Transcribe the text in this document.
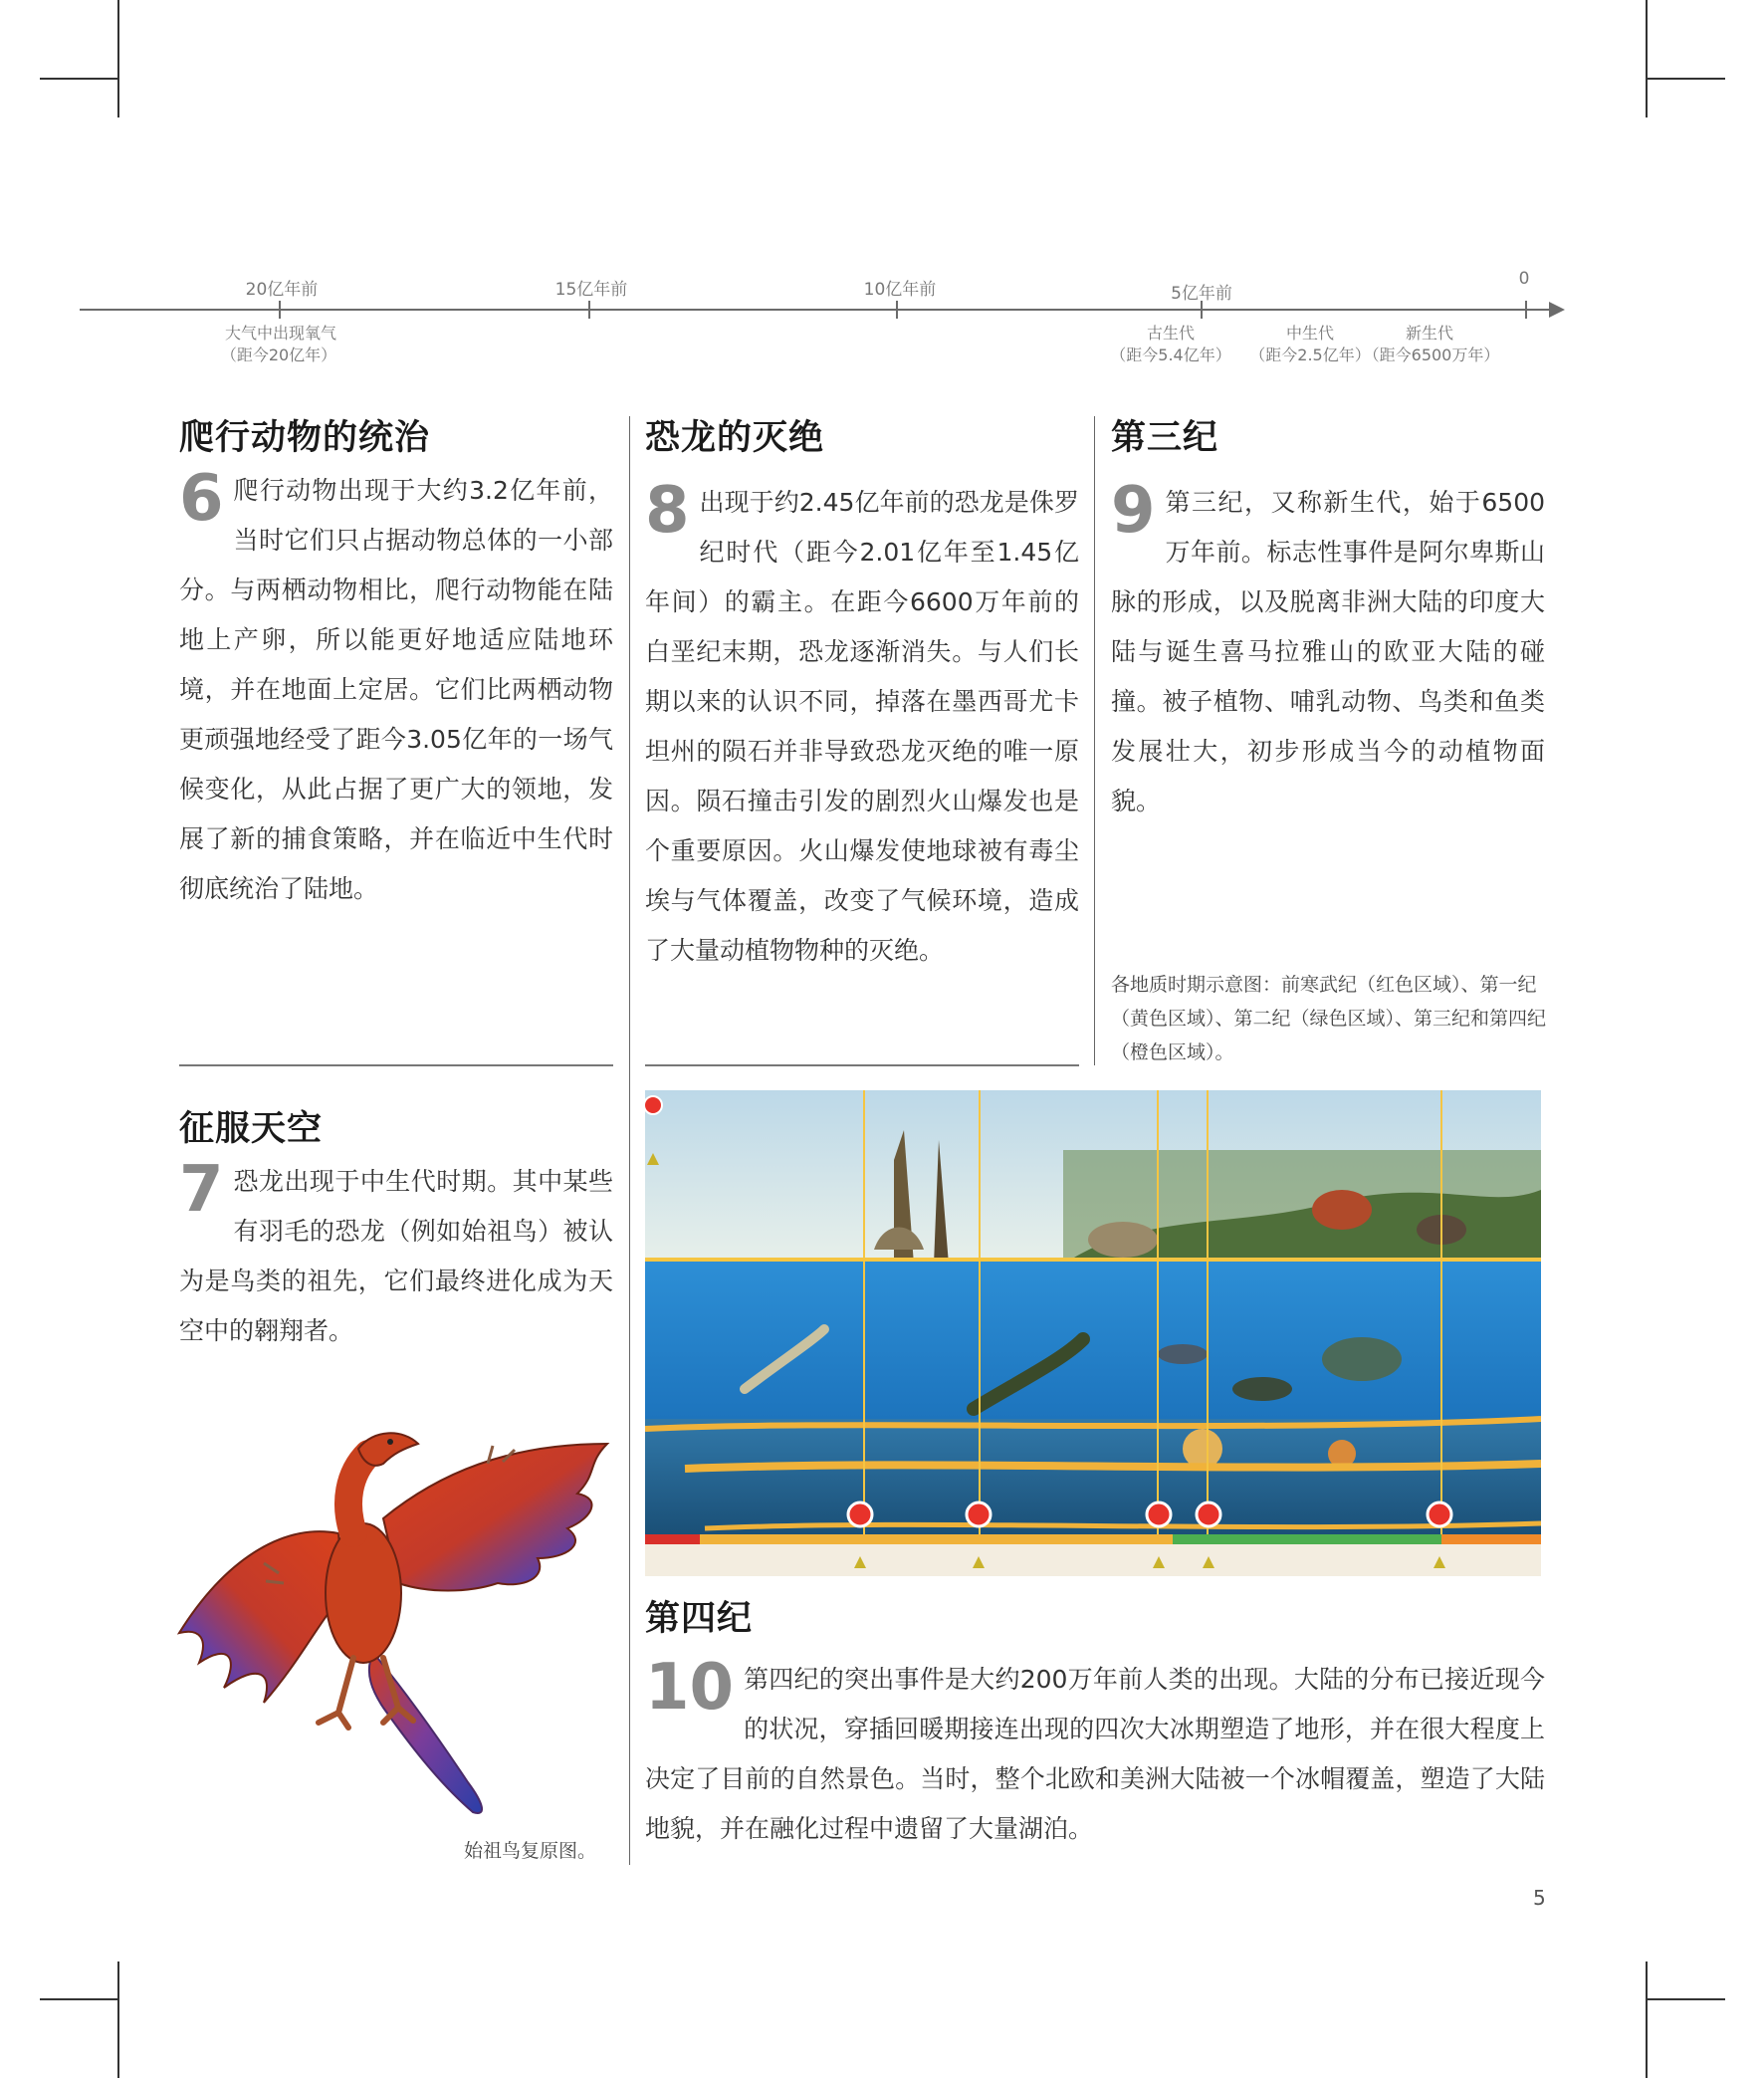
20亿年前	15亿年前	10亿年前	5亿年前
0
大气中出现氧气
（距今20亿年）
古生代
（距今5.4亿年）
中生代
（距今2.5亿年）
新生代
（距今6500万年）
爬行动物的统治
6 爬行动物出现于大约3.2亿年前，当时它们只占据动物总体的一小部分。与两栖动物相比，爬行动物能在陆地上产卵，所以能更好地适应陆地环境，并在地面上定居。它们比两栖动物更顽强地经受了距今3.05亿年的一场气候变化，从此占据了更广大的领地，发展了新的捕食策略，并在临近中生代时彻底统治了陆地。
征服天空
7 恐龙出现于中生代时期。其中某些有羽毛的恐龙（例如始祖鸟）被认为是鸟类的祖先，它们最终进化成为天空中的翱翔者。
始祖鸟复原图。
恐龙的灭绝
8 出现于约2.45亿年前的恐龙是侏罗纪时代（距今2.01亿年至1.45亿年间）的霸主。在距今6600万年前的白垩纪末期，恐龙逐渐消失。与人们长期以来的认识不同，掉落在墨西哥尤卡坦州的陨石并非导致恐龙灭绝的唯一原因。陨石撞击引发的剧烈火山爆发也是个重要原因。火山爆发使地球被有毒尘埃与气体覆盖，改变了气候环境，造成了大量动植物物种的灭绝。
第三纪
9 第三纪，又称新生代，始于6500万年前。标志性事件是阿尔卑斯山脉的形成，以及脱离非洲大陆的印度大陆与诞生喜马拉雅山的欧亚大陆的碰撞。被子植物、哺乳动物、鸟类和鱼类发展壮大，初步形成当今的动植物面貌。
各地质时期示意图：前寒武纪（红色区域）、第一纪（黄色区域）、第二纪（绿色区域）、第三纪和第四纪（橙色区域）。
第四纪
10 第四纪的突出事件是大约200万年前人类的出现。大陆的分布已接近现今的状况，穿插回暖期接连出现的四次大冰期塑造了地形，并在很大程度上决定了目前的自然景色。当时，整个北欧和美洲大陆被一个冰帽覆盖，塑造了大陆地貌，并在融化过程中遗留了大量湖泊。
5
